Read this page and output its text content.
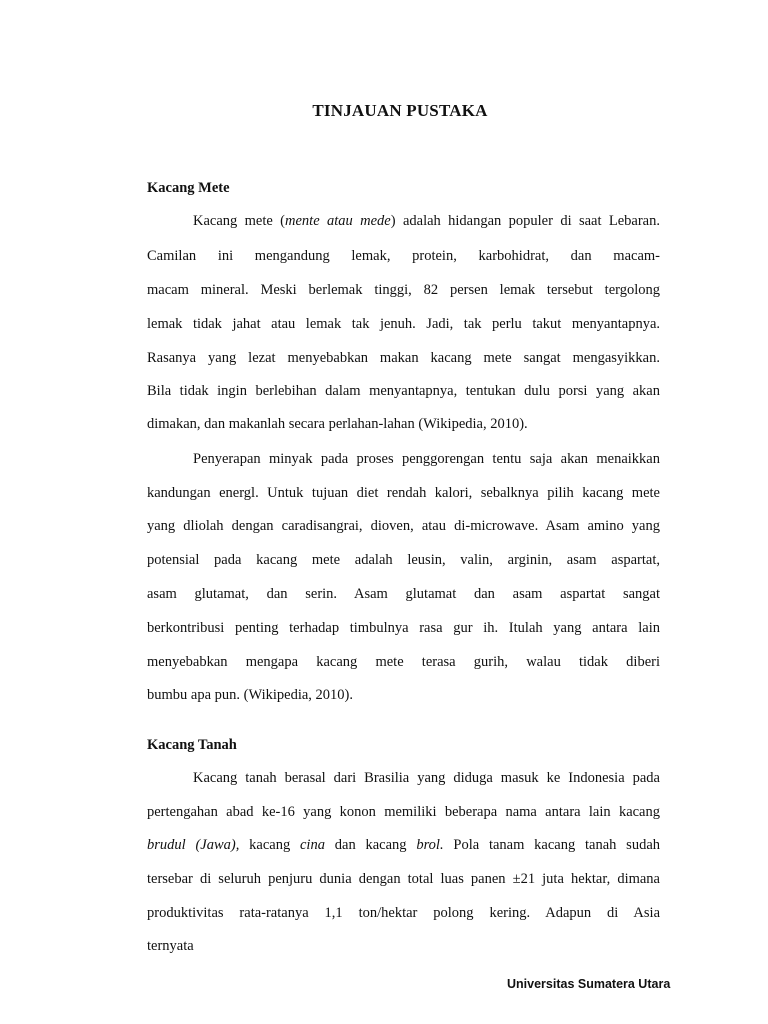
TINJAUAN PUSTAKA
Kacang Mete
Kacang mete (mente atau mede) adalah hidangan populer di saat Lebaran.
Camilan ini mengandung lemak, protein, karbohidrat, dan macam-
macam mineral. Meski berlemak tinggi, 82 persen lemak tersebut tergolong
lemak tidak jahat atau lemak tak jenuh. Jadi, tak perlu takut menyantapnya.
Rasanya yang lezat menyebabkan makan kacang mete sangat mengasyikkan.
Bila tidak ingin berlebihan dalam menyantapnya, tentukan dulu porsi yang akan
dimakan, dan makanlah secara perlahan-lahan (Wikipedia, 2010).
Penyerapan minyak pada proses penggorengan tentu saja akan menaikkan
kandungan energl. Untuk tujuan diet rendah kalori, sebalknya pilih kacang mete
yang dliolah dengan caradisangrai, dioven, atau di-microwave. Asam amino yang
potensial pada kacang mete adalah leusin, valin, arginin, asam aspartat,
asam glutamat, dan serin. Asam glutamat dan asam aspartat sangat
berkontribusi penting terhadap timbulnya rasa gur ih. Itulah yang antara lain
menyebabkan mengapa kacang mete terasa gurih, walau tidak diberi
bumbu apa pun. (Wikipedia, 2010).
Kacang Tanah
Kacang tanah berasal dari Brasilia yang diduga masuk ke Indonesia pada
pertengahan abad ke-16 yang konon memiliki beberapa nama antara lain kacang
brudul (Jawa), kacang cina dan kacang brol. Pola tanam kacang tanah sudah
tersebar di seluruh penjuru dunia dengan total luas panen ±21 juta hektar, dimana
produktivitas rata-ratanya 1,1 ton/hektar polong kering. Adapun di Asia
ternyata
Universitas Sumatera Utara
